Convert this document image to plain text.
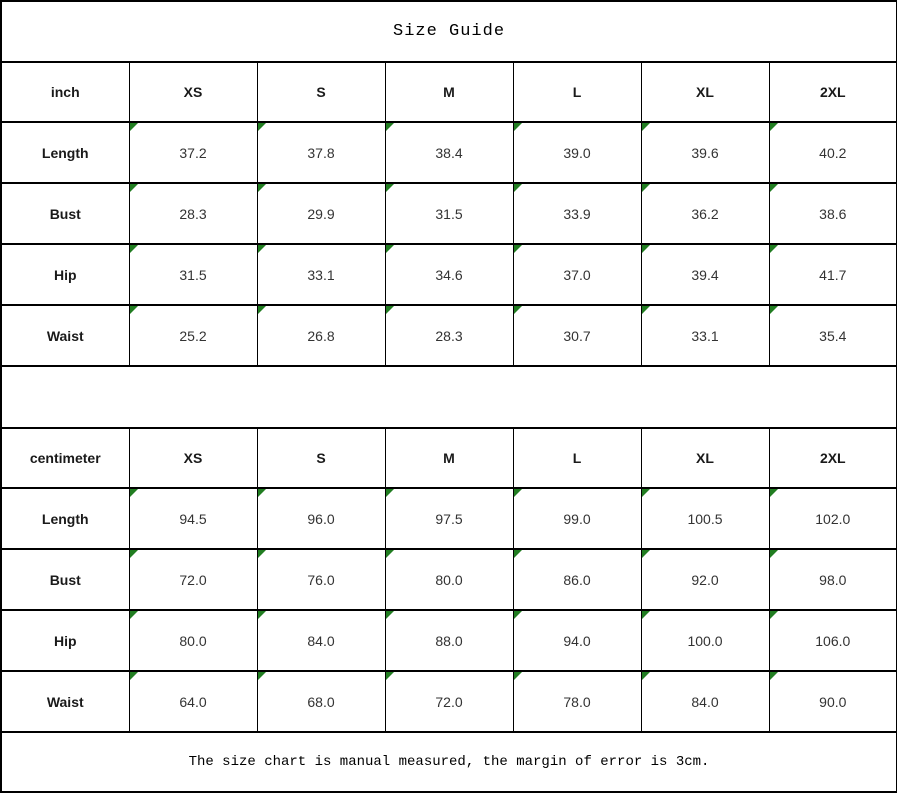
Size Guide						
inch	XS	S	M	L	XL	2XL
Length	37.2	37.8	38.4	39.0	39.6	40.2
Bust	28.3	29.9	31.5	33.9	36.2	38.6
Hip	31.5	33.1	34.6	37.0	39.4	41.7
Waist	25.2	26.8	28.3	30.7	33.1	35.4

centimeter	XS	S	M	L	XL	2XL
Length	94.5	96.0	97.5	99.0	100.5	102.0
Bust	72.0	76.0	80.0	86.0	92.0	98.0
Hip	80.0	84.0	88.0	94.0	100.0	106.0
Waist	64.0	68.0	72.0	78.0	84.0	90.0
The size chart is manual measured, the margin of error is 3cm.						
